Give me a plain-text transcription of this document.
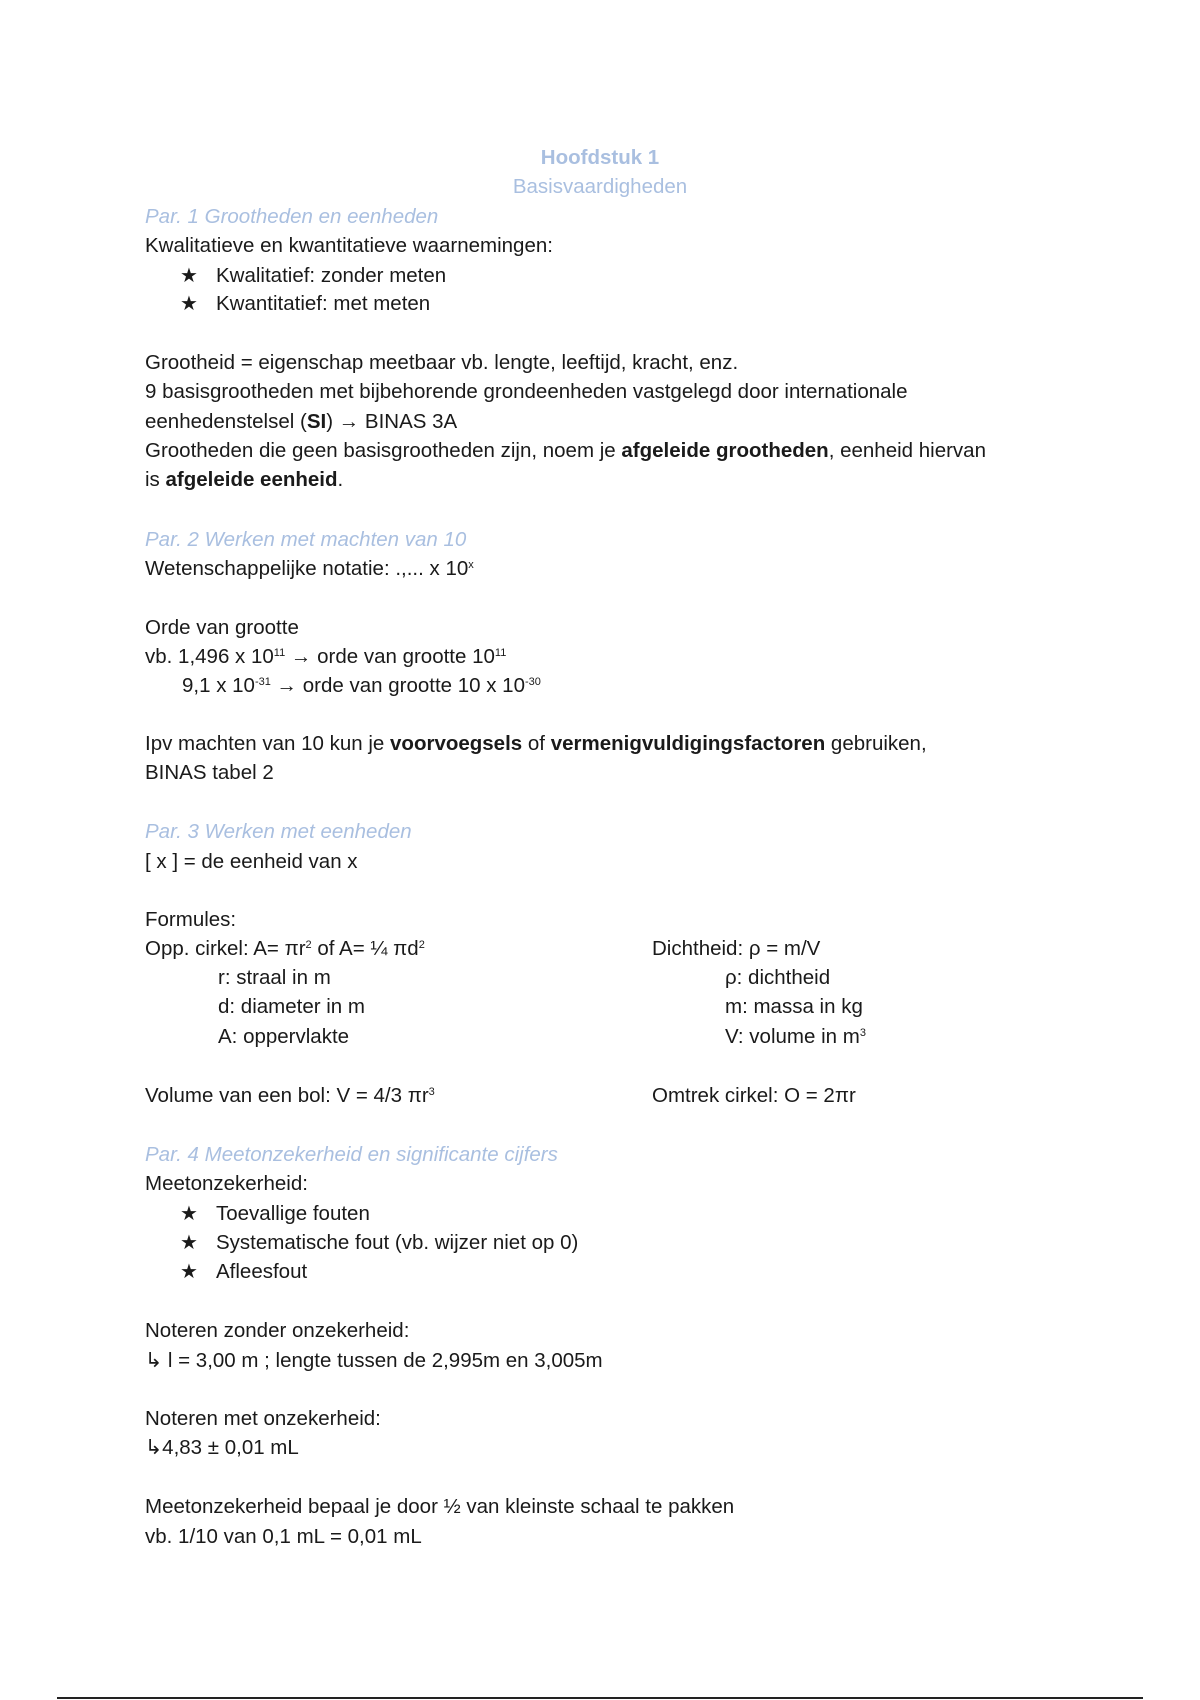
Hoofdstuk 1
Basisvaardigheden
Par. 1 Grootheden en eenheden
Kwalitatieve en kwantitatieve waarnemingen:
★ Kwalitatief: zonder meten
★ Kwantitatief: met meten
Grootheid = eigenschap meetbaar vb. lengte, leeftijd, kracht, enz.
9 basisgrootheden met bijbehorende grondeenheden vastgelegd door internationale
eenhedenstelsel (SI) → BINAS 3A
Grootheden die geen basisgrootheden zijn, noem je afgeleide grootheden, eenheid hiervan
is afgeleide eenheid.
Par. 2 Werken met machten van 10
Wetenschappelijke notatie: .,... x 10$^x$
Orde van grootte
vb. 1,496 x $10^{11}$ → orde van grootte $10^{11}$
9,1 x $10^{-31}$ → orde van grootte 10 x $10^{-30}$
Ipv machten van 10 kun je voorvoegsels of vermenigvuldigingsfactoren gebruiken,
BINAS tabel 2
Par. 3 Werken met eenheden
[ x ] = de eenheid van x
Formules:
Opp. cirkel: $A= \pi r^2$ of A= ¼ $\pi d^2$
r: straal in m
d: diameter in m
A: oppervlakte
Dichtheid: ρ = m/V
ρ: dichtheid
m: massa in kg
V: volume in $m^3$
Volume van een bol: V = 4/3 $\pi r^3$	Omtrek cirkel: O = 2πr
Par. 4 Meetonzekerheid en significante cijfers
Meetonzekerheid:
★ Toevallige fouten
★ Systematische fout (vb. wijzer niet op 0)
★ Afleesfout
Noteren zonder onzekerheid:
↳ l = 3,00 m ; lengte tussen de 2,995m en 3,005m
Noteren met onzekerheid:
↳4,83 ± 0,01 mL
Meetonzekerheid bepaal je door ½ van kleinste schaal te pakken
vb. 1/10 van 0,1 mL = 0,01 mL
